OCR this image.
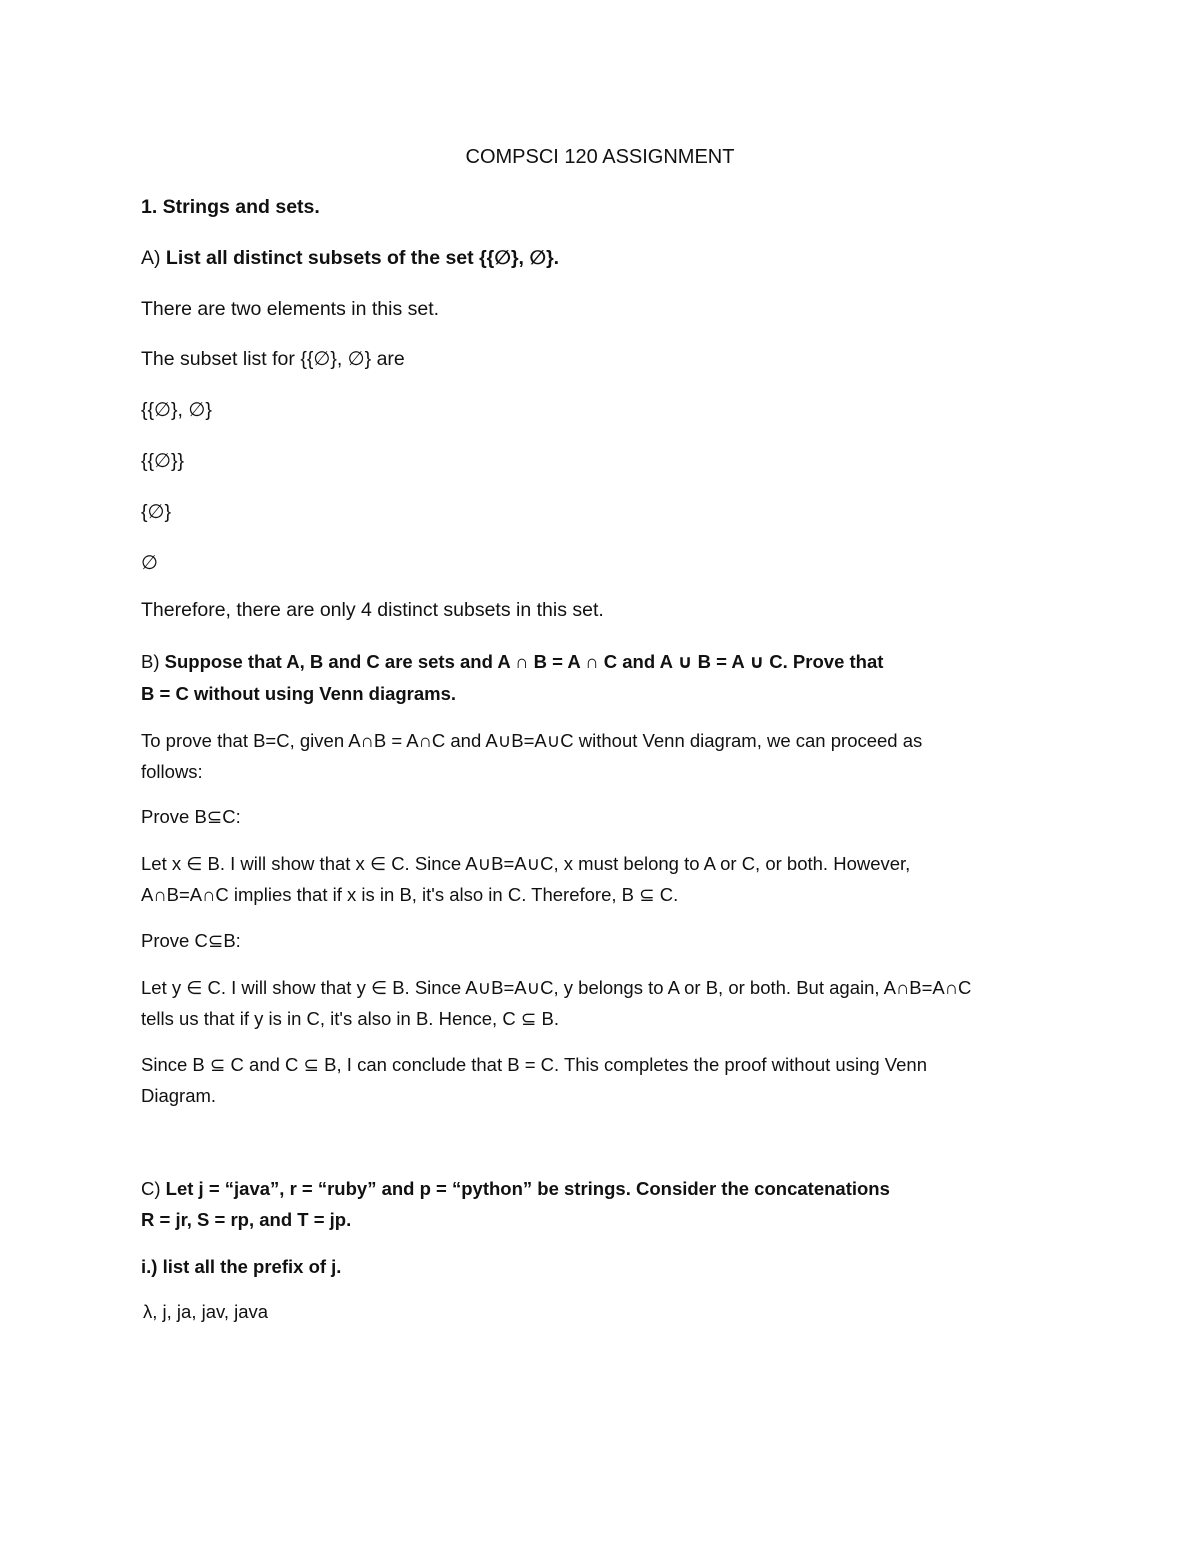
COMPSCI 120 ASSIGNMENT
1. Strings and sets.
A) List all distinct subsets of the set {{∅}, ∅}.
There are two elements in this set.
The subset list for {{∅}, ∅} are
{{∅}, ∅}
{{∅}}
{∅}
∅
Therefore, there are only 4 distinct subsets in this set.
B) Suppose that A, B and C are sets and A ∩ B = A ∩ C and A ∪ B = A ∪ C. Prove that
B = C without using Venn diagrams.
To prove that B=C, given A∩B = A∩C and A∪B=A∪C without Venn diagram, we can proceed as
follows:
Prove B⊆C:
Let x ∈ B. I will show that x ∈ C. Since A∪B=A∪C, x must belong to A or C, or both. However,
A∩B=A∩C implies that if x is in B, it's also in C. Therefore, B ⊆ C.
Prove C⊆B:
Let y ∈ C. I will show that y ∈ B. Since A∪B=A∪C, y belongs to A or B, or both. But again, A∩B=A∩C
tells us that if y is in C, it's also in B. Hence, C ⊆ B.
Since B ⊆ C and C ⊆ B, I can conclude that B = C. This completes the proof without using Venn
Diagram.
C) Let j = “java”, r = “ruby” and p = “python” be strings. Consider the concatenations
R = jr, S = rp, and T = jp.
i.) list all the prefix of j.
λ, j, ja, jav, java
